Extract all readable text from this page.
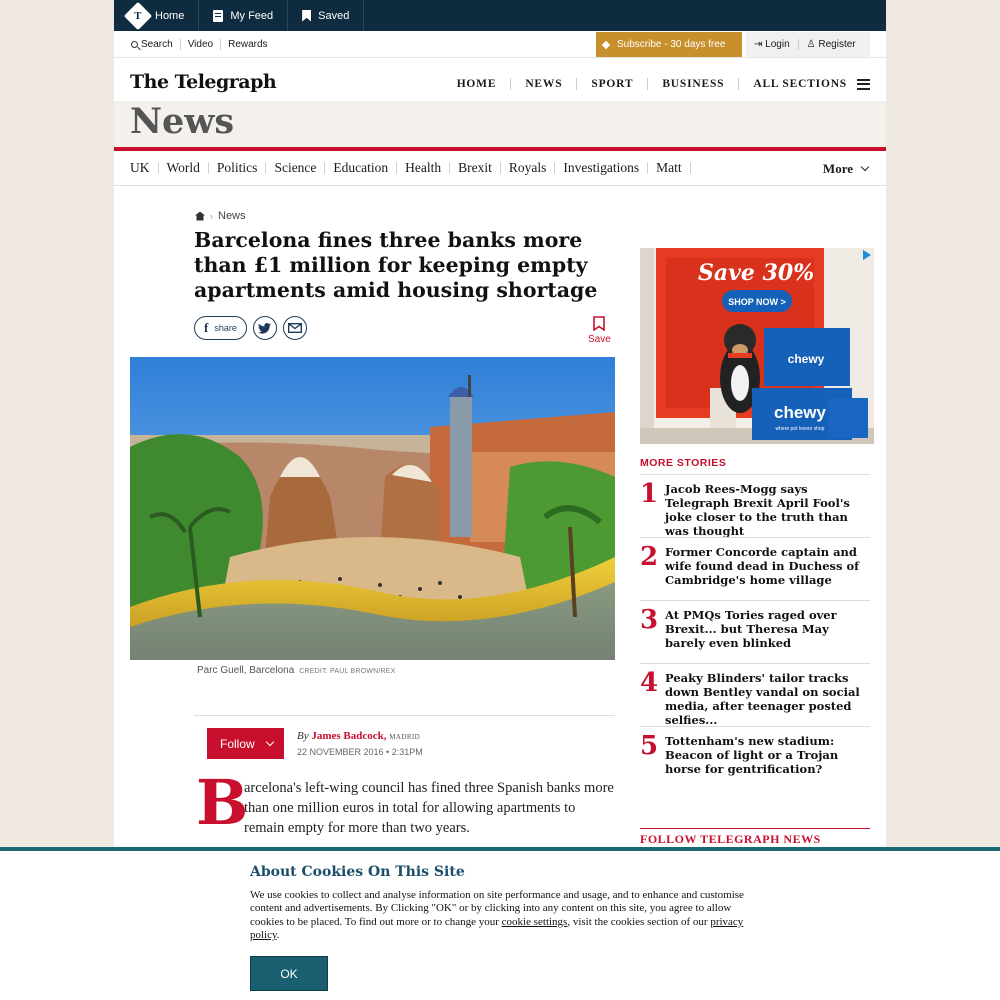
T Home	My Feed	Saved
Search	Video	Rewards	Subscribe - 30 days free	⇥ Login	♙ Register
The Telegraph	HOME	NEWS	SPORT	BUSINESS	ALL SECTIONS
News
UK	World	Politics	Science	Education	Health	Brexit	Royals	Investigations	Matt	More
› News
Barcelona fines three banks more than £1 million for keeping empty apartments amid housing shortage
f share
Save
Parc Guell, Barcelona CREDIT: PAUL BROWN/REX
Follow
By James Badcock, MADRID
22 NOVEMBER 2016 • 2:31PM
B

arcelona's left-wing council has fined three Spanish banks more than one million euros in total for allowing apartments to remain empty for more than two years.

Save 30%
SHOP NOW >
chewy
chewy
where pet lovers shop
MORE STORIES
1 Jacob Rees-Mogg says Telegraph Brexit April Fool's joke closer to the truth than was thought
2 Former Concorde captain and wife found dead in Duchess of Cambridge's home village
3 At PMQs Tories raged over Brexit... but Theresa May barely even blinked
4 Peaky Blinders' tailor tracks down Bentley vandal on social media, after teenager posted selfies...
5 Tottenham's new stadium: Beacon of light or a Trojan horse for gentrification?
FOLLOW TELEGRAPH NEWS
About Cookies On This Site

We use cookies to collect and analyse information on site performance and usage, and to enhance and customise content and advertisements. By Clicking "OK" or by clicking into any content on this site, you agree to allow cookies to be placed. To find out more or to change your cookie settings, visit the cookies section of our privacy policy.

OK
